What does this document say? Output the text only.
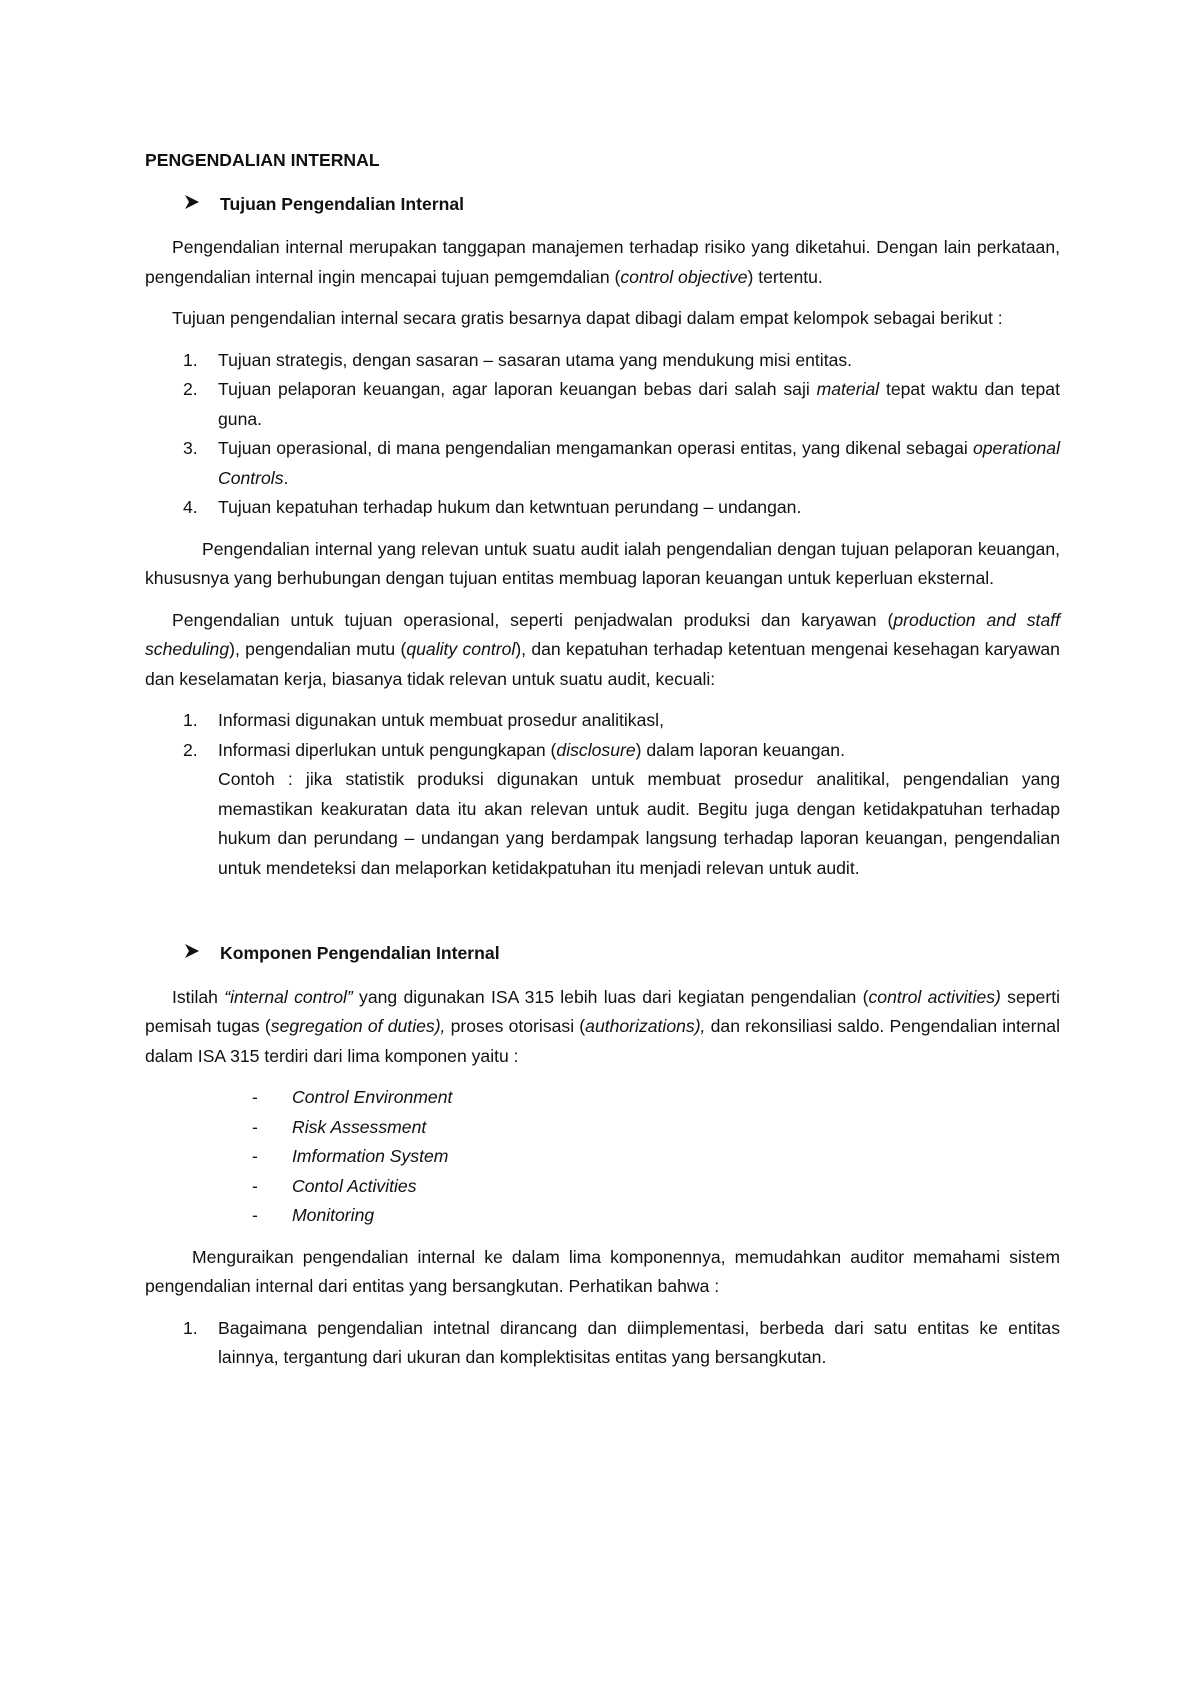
PENGENDALIAN INTERNAL

Tujuan Pengendalian Internal

Pengendalian internal merupakan tanggapan manajemen terhadap risiko yang diketahui. Dengan lain perkataan, pengendalian internal ingin mencapai tujuan pemgemdalian (control objective) tertentu.

Tujuan pengendalian internal secara gratis besarnya dapat dibagi dalam empat kelompok sebagai berikut :

1. Tujuan strategis, dengan sasaran – sasaran utama yang mendukung misi entitas.
2. Tujuan pelaporan keuangan, agar laporan keuangan bebas dari salah saji material tepat waktu dan tepat guna.
3. Tujuan operasional, di mana pengendalian mengamankan operasi entitas, yang dikenal sebagai operational Controls.
4. Tujuan kepatuhan terhadap hukum dan ketwntuan perundang – undangan.

Pengendalian internal yang relevan untuk suatu audit ialah pengendalian dengan tujuan pelaporan keuangan, khususnya yang berhubungan dengan tujuan entitas membuag laporan keuangan untuk keperluan eksternal.

Pengendalian untuk tujuan operasional, seperti penjadwalan produksi dan karyawan (production and staff scheduling), pengendalian mutu (quality control), dan kepatuhan terhadap ketentuan mengenai kesehagan karyawan dan keselamatan kerja, biasanya tidak relevan untuk suatu audit, kecuali:

1. Informasi digunakan untuk membuat prosedur analitikasl,
2. Informasi diperlukan untuk pengungkapan (disclosure) dalam laporan keuangan.
Contoh : jika statistik produksi digunakan untuk membuat prosedur analitikal, pengendalian yang memastikan keakuratan data itu akan relevan untuk audit. Begitu juga dengan ketidakpatuhan terhadap hukum dan perundang – undangan yang berdampak langsung terhadap laporan keuangan, pengendalian untuk mendeteksi dan melaporkan ketidakpatuhan itu menjadi relevan untuk audit.
Komponen Pengendalian Internal

Istilah “internal control” yang digunakan ISA 315 lebih luas dari kegiatan pengendalian (control activities) seperti pemisah tugas (segregation of duties), proses otorisasi (authorizations), dan rekonsiliasi saldo. Pengendalian internal dalam ISA 315 terdiri dari lima komponen yaitu :

- Control Environment
- Risk Assessment
- Imformation System
- Contol Activities
- Monitoring

Menguraikan pengendalian internal ke dalam lima komponennya, memudahkan auditor memahami sistem pengendalian internal dari entitas yang bersangkutan. Perhatikan bahwa :

1. Bagaimana pengendalian intetnal dirancang dan diimplementasi, berbeda dari satu entitas ke entitas lainnya, tergantung dari ukuran dan komplektisitas entitas yang bersangkutan.
